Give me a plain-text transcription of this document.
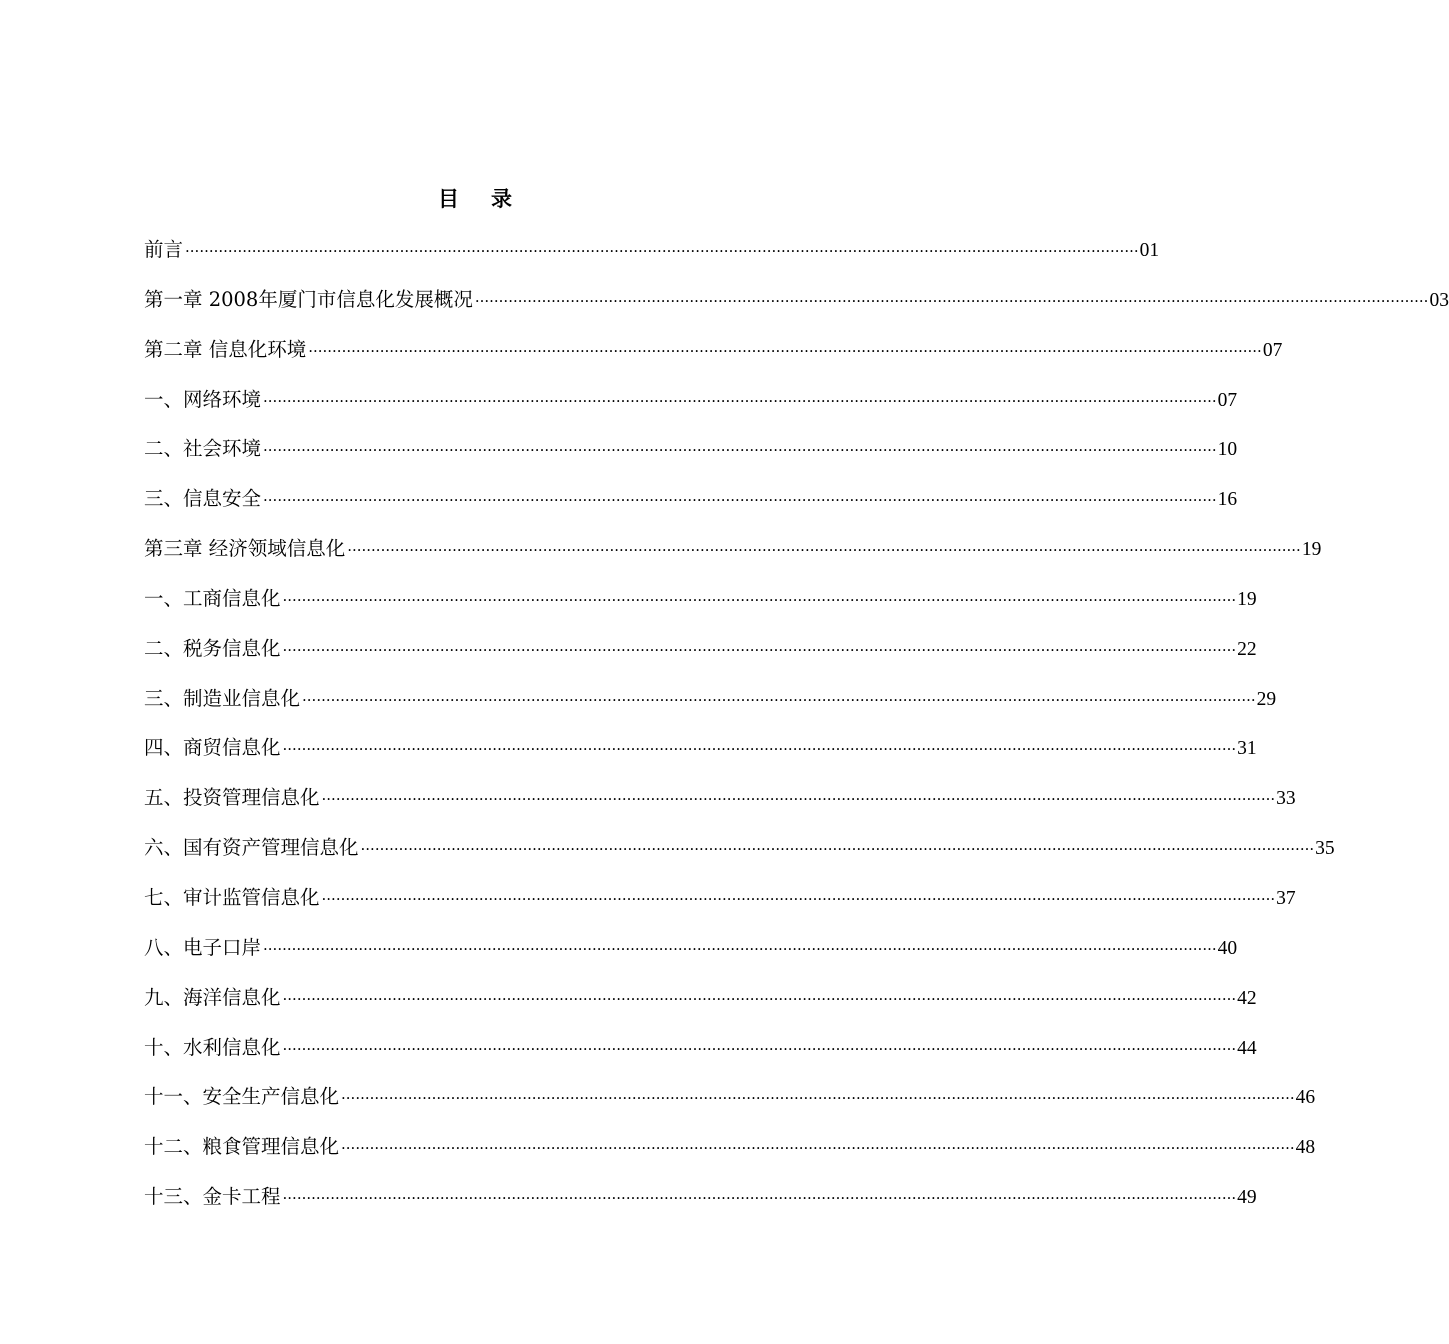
目录
前言 ········································································································································································································ 01
第一章 2008年厦门市信息化发展概况 ········································································································································································································ 03
第二章 信息化环境 ········································································································································································································ 07
一、网络环境 ········································································································································································································ 07
二、社会环境 ········································································································································································································ 10
三、信息安全 ········································································································································································································ 16
第三章 经济领域信息化 ········································································································································································································ 19
一、工商信息化 ········································································································································································································ 19
二、税务信息化 ········································································································································································································ 22
三、制造业信息化 ········································································································································································································ 29
四、商贸信息化 ········································································································································································································ 31
五、投资管理信息化 ········································································································································································································ 33
六、国有资产管理信息化 ········································································································································································································ 35
七、审计监管信息化 ········································································································································································································ 37
八、电子口岸 ········································································································································································································ 40
九、海洋信息化 ········································································································································································································ 42
十、水利信息化 ········································································································································································································ 44
十一、安全生产信息化 ········································································································································································································ 46
十二、粮食管理信息化 ········································································································································································································ 48
十三、金卡工程 ········································································································································································································ 49
